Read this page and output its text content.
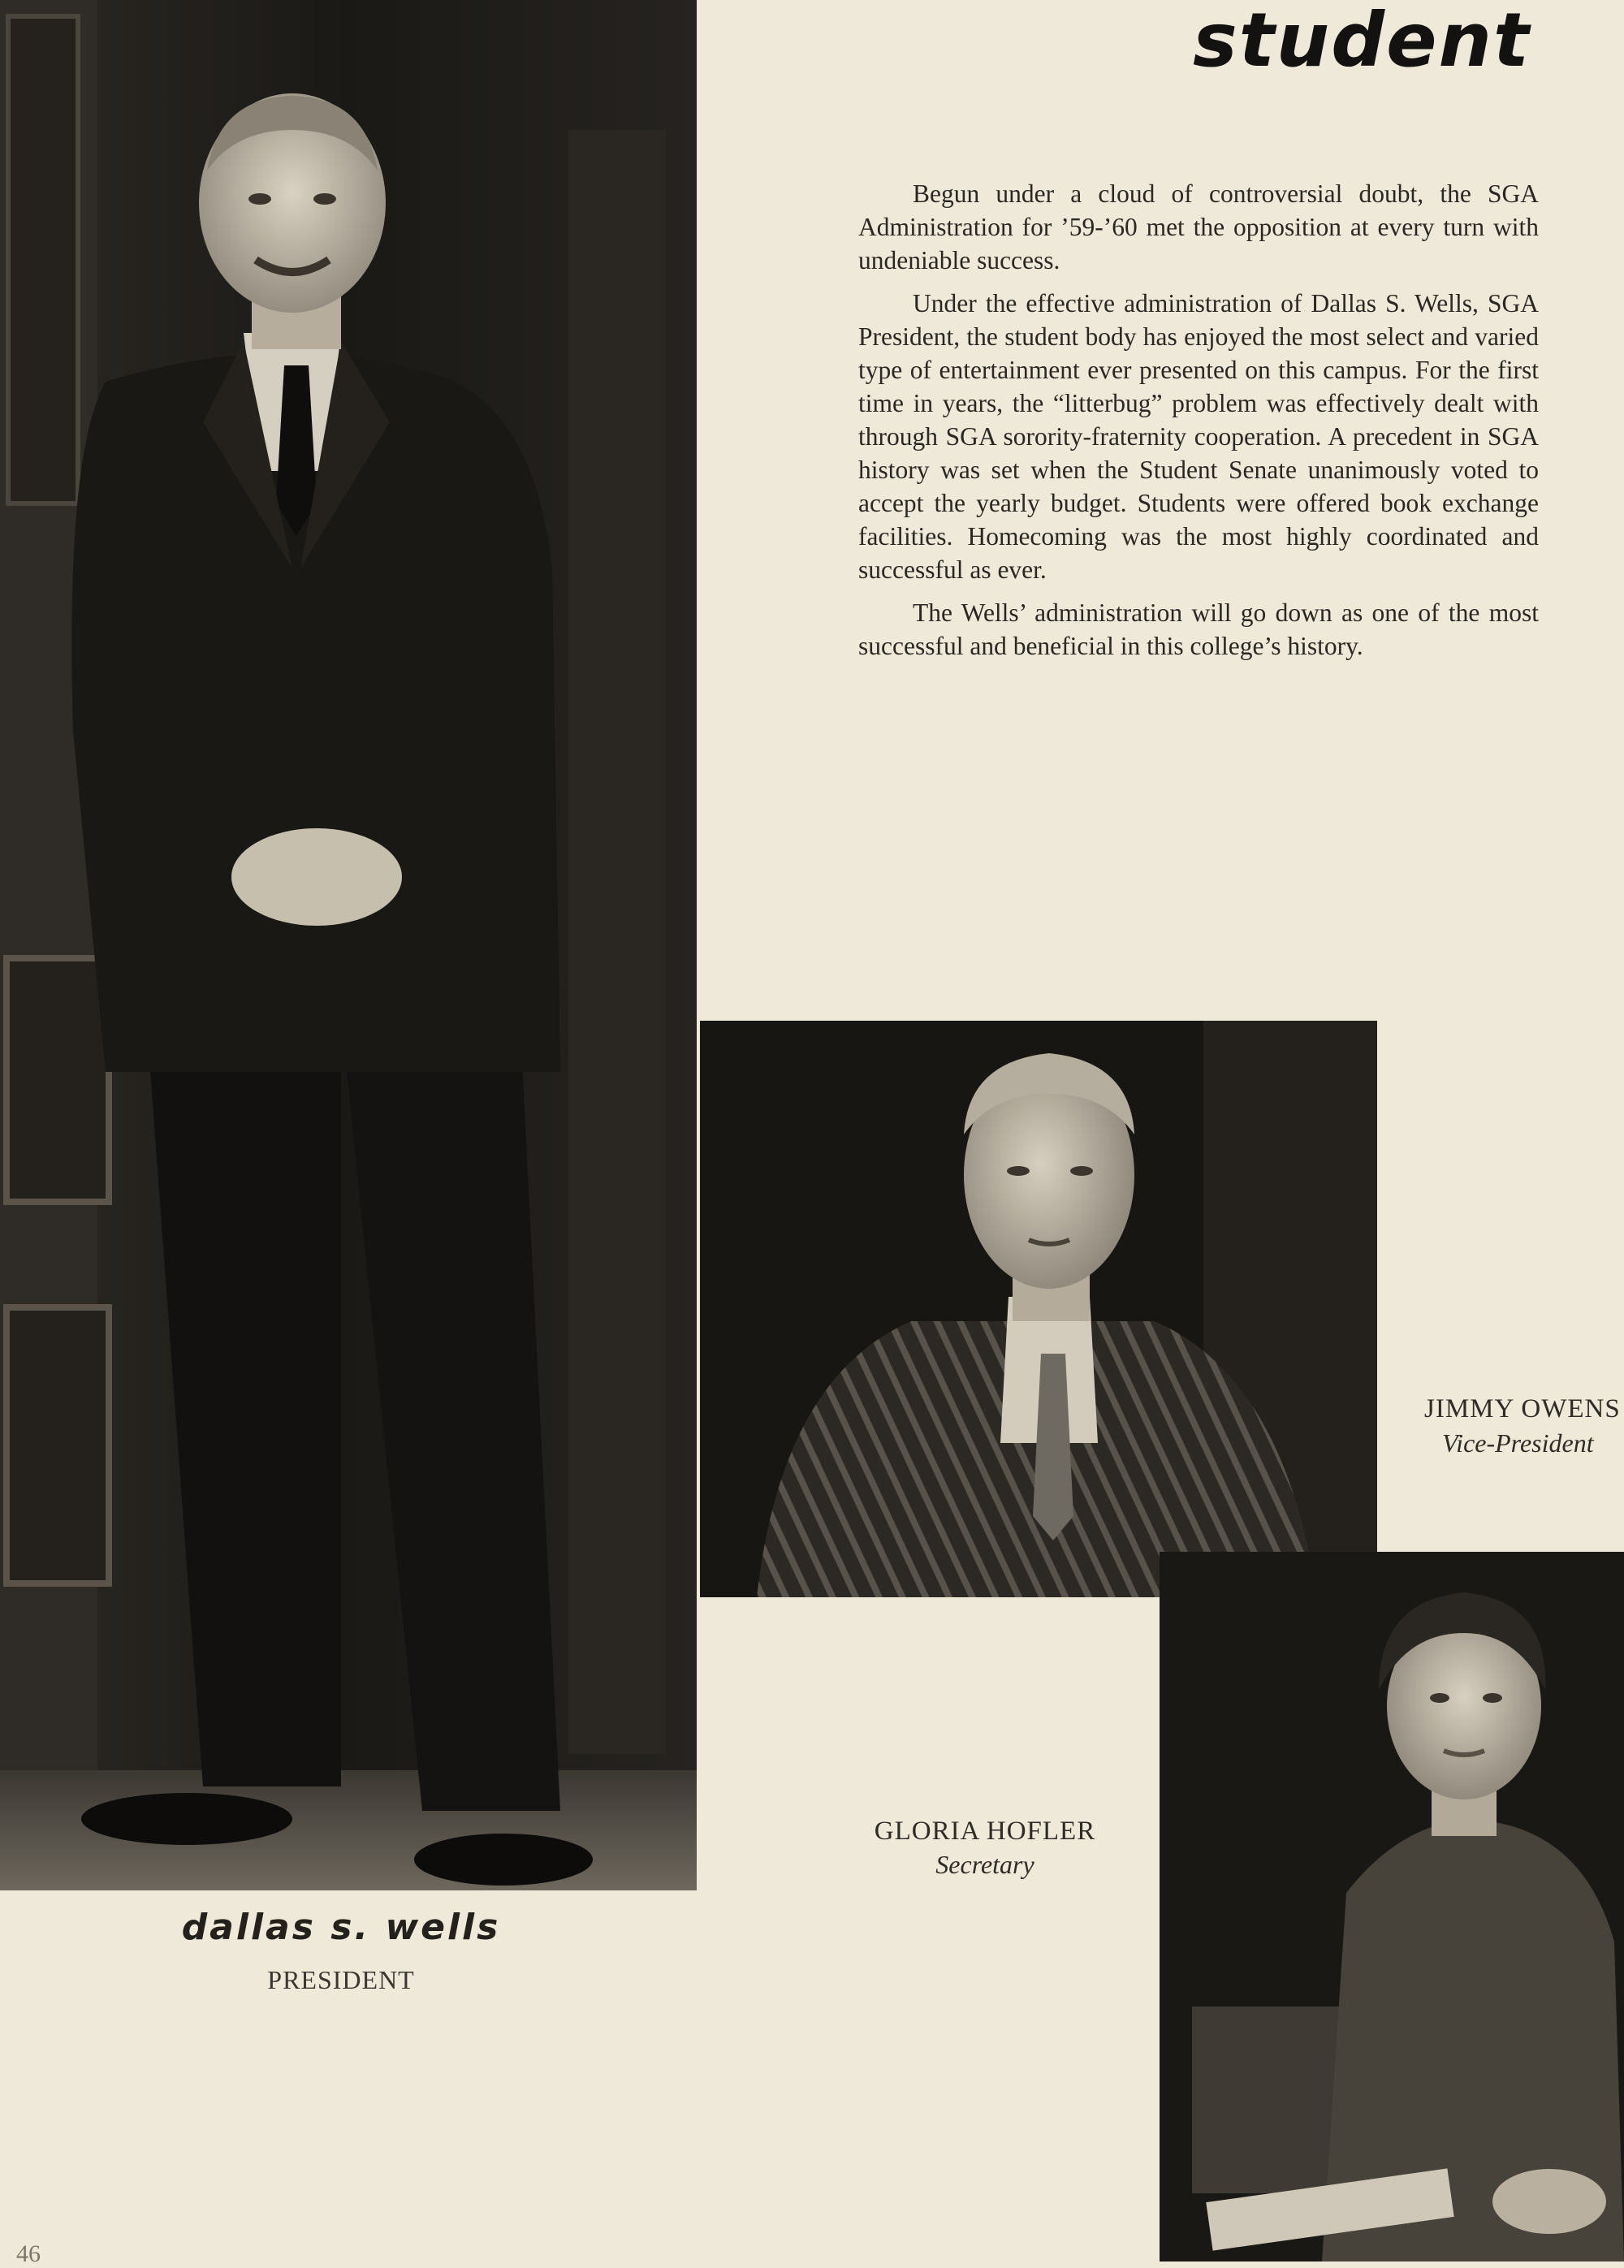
student

Begun under a cloud of controversial doubt, the SGA Administration for ’59-’60 met the opposition at every turn with undeniable success.

Under the effective administration of Dallas S. Wells, SGA President, the student body has enjoyed the most select and varied type of entertainment ever presented on this campus. For the first time in years, the “litterbug” problem was effectively dealt with through SGA sorority-fraternity cooperation. A precedent in SGA history was set when the Student Senate unanimously voted to accept the yearly budget. Students were offered book exchange facilities. Homecoming was the most highly coordinated and successful as ever.

The Wells’ administration will go down as one of the most successful and beneficial in this college’s history.

JIMMY OWENS
Vice-President
GLORIA HOFLER
Secretary
dallas s. wells
PRESIDENT
46
